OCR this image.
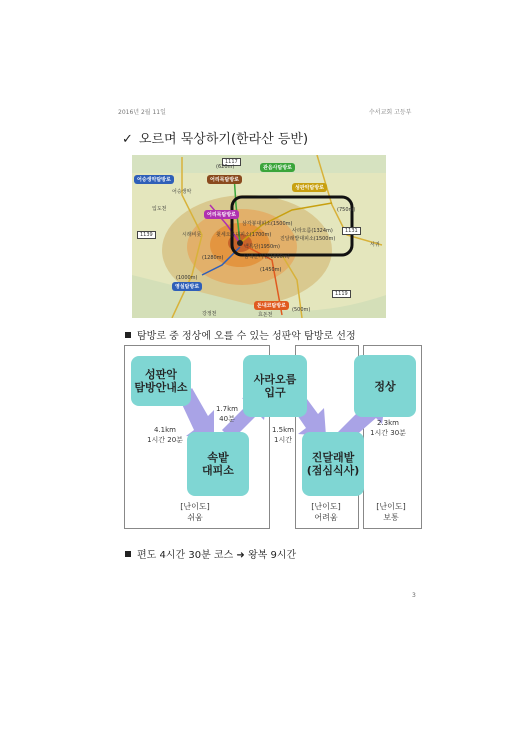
2016년 2월 11일	수서교회 고등부
✓ 오르며 묵상하기(한라산 등반)
관음사탐방로
어승생악탐방로	어리목탐방로
성판악탐방로
영실탐방로
돈내코탐방로
어리목탐방로
1117
1139
1131
1119
(620m)
(750m)
(1000m)
(1280m)
(1450m)
(500m)
백록담(1950m)
삼각봉대피소(1500m)
사라오름(1324m)
진달래밭대피소(1500m)
남벽분기점(1600m)
윗세오름대피소(1700m)
어승생악
입도천
시래비못
효돈천
강정천
서귀
탐방로 중 정상에 오를 수 있는 성판악 탐방로 선정
성판악
탐방안내소
속밭
대피소
사라오름
입구
진달래밭
(점심식사)
정상
4.1km
1시간 20분
1.7km
40분
1.5km
1시간
2.3km
1시간 30분
[난이도]
쉬움
[난이도]
어려움
[난이도]
보통
편도 4시간 30분 코스 ➜ 왕복 9시간
3
